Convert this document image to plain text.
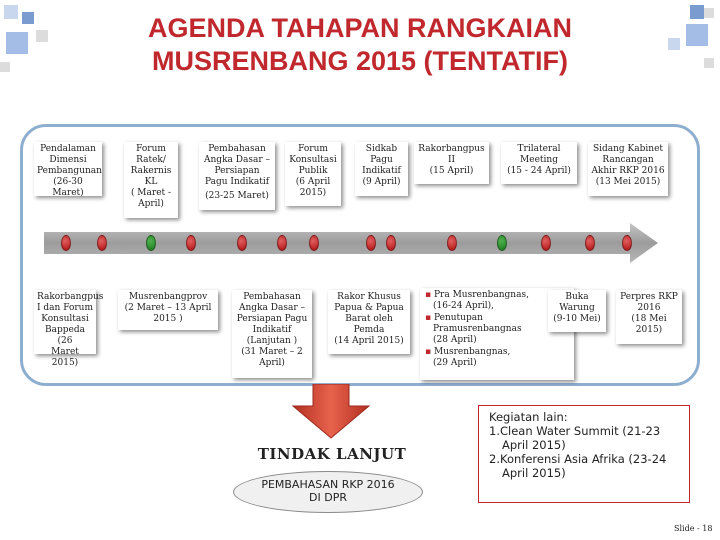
AGENDA TAHAPAN RANGKAIAN
MUSRENBANG 2015 (TENTATIF)
Pendalaman
Dimensi
Pembangunan
(26-30 Maret)
Forum
Ratek/
Rakernis
KL
( Maret -
April)
Pembahasan
Angka Dasar –
Persiapan
Pagu Indikatif
(23-25 Maret)
Forum
Konsultasi
Publik
(6 April
2015)
Sidkab
Pagu
Indikatif
(9 April)
Rakorbangpus
II
(15 April)
Trilateral
Meeting
(15 - 24 April)
Sidang Kabinet
Rancangan
Akhir RKP 2016
(13 Mei 2015)
Rakorbangpus
I dan Forum
Konsultasi
Bappeda (26
Maret 2015)
Musrenbangprov
(2 Maret – 13 April
2015 )
Pembahasan
Angka Dasar –
Persiapan Pagu
Indikatif
(Lanjutan )
(31 Maret – 2
April)
Rakor Khusus
Papua & Papua
Barat oleh
Pemda
(14 April 2015)
▪ Pra Musrenbangnas,
(16-24 April),
▪ Penutupan
Pramusrenbangnas
(28 April)
▪ Musrenbangnas,
(29 April)
Buka
Warung
(9-10 Mei)
Perpres RKP
2016
(18 Mei
2015)
TINDAK LANJUT
PEMBAHASAN RKP 2016
DI DPR
Kegiatan lain:
1.Clean Water Summit (21-23
April 2015)
2.Konferensi Asia Afrika (23-24
April 2015)
Slide - 18
